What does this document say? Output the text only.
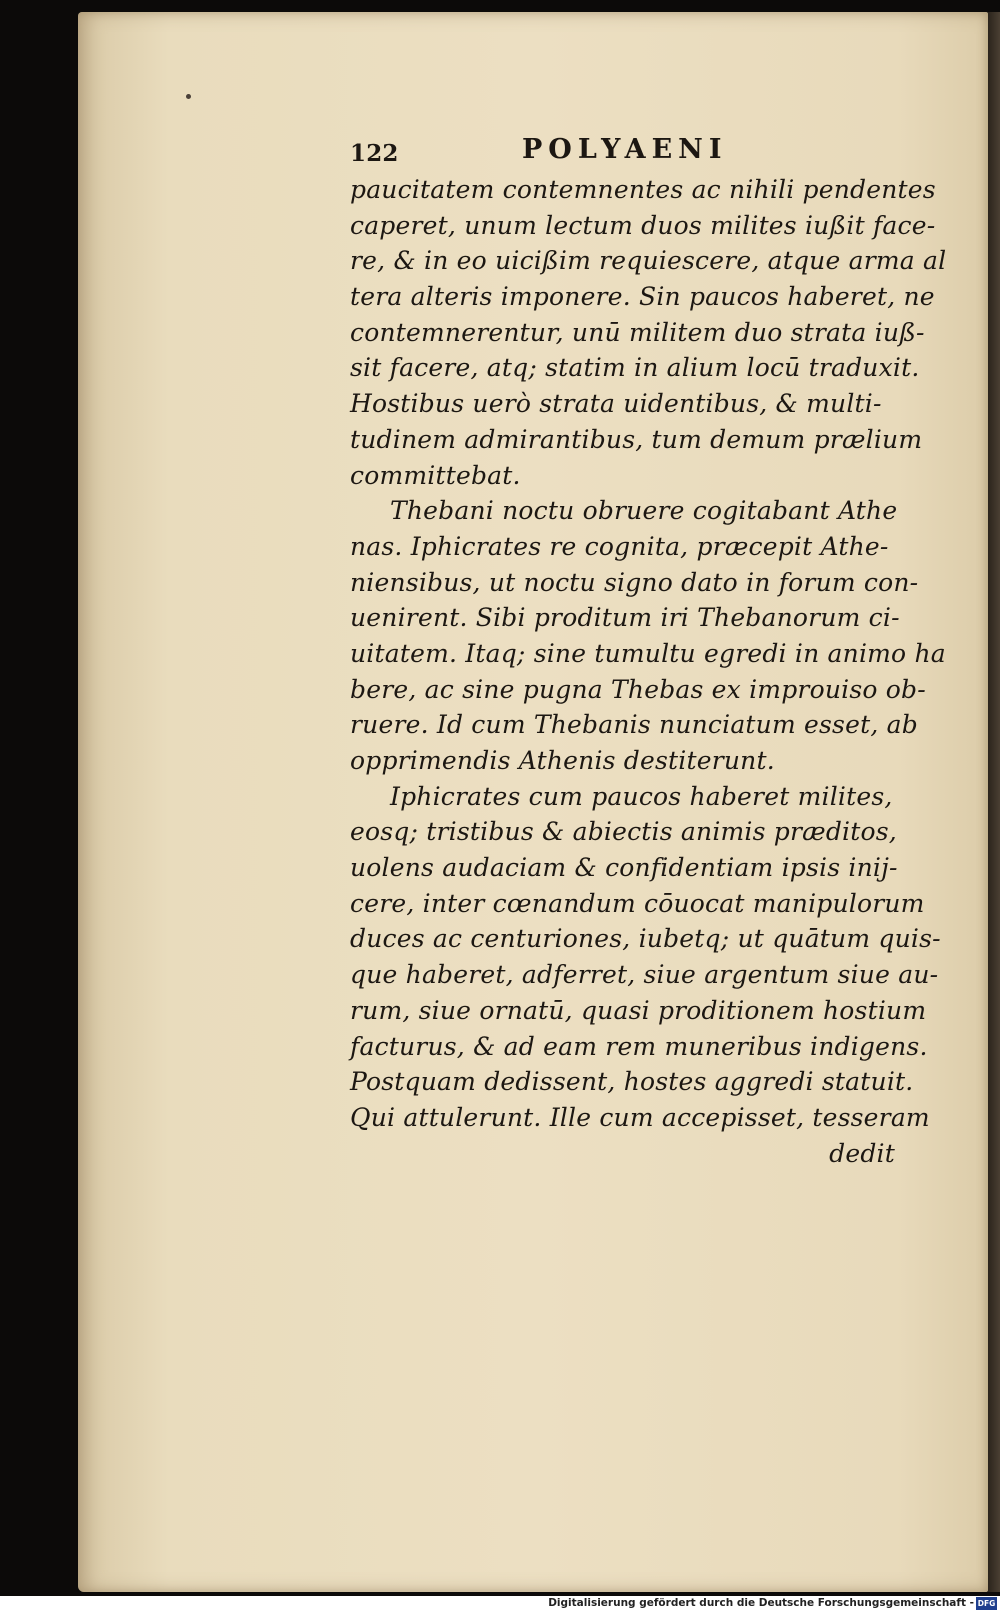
122	POLYAENI
paucitatem contemnentes ac nihili pendentes
caperet, unum lectum duos milites iußit face-
re, & in eo uicißim requiescere, atque arma al
tera alteris imponere. Sin paucos haberet, ne
contemnerentur, unū militem duo strata iuß-
sit facere, atq; statim in alium locū traduxit.
Hostibus uerò strata uidentibus, & multi-
tudinem admirantibus, tum demum prælium
committebat.
Thebani noctu obruere cogitabant Athe
nas. Iphicrates re cognita, præcepit Athe-
niensibus, ut noctu signo dato in forum con-
uenirent. Sibi proditum iri Thebanorum ci-
uitatem. Itaq; sine tumultu egredi in animo ha
bere, ac sine pugna Thebas ex improuiso ob-
ruere. Id cum Thebanis nunciatum esset, ab
opprimendis Athenis destiterunt.
Iphicrates cum paucos haberet milites,
eosq; tristibus & abiectis animis præditos,
uolens audaciam & confidentiam ipsis inij-
cere, inter cœnandum cōuocat manipulorum
duces ac centuriones, iubetq; ut quātum quis-
que haberet, adferret, siue argentum siue au-
rum, siue ornatū, quasi proditionem hostium
facturus, & ad eam rem muneribus indigens.
Postquam dedissent, hostes aggredi statuit.
Qui attulerunt. Ille cum accepisset, tesseram
dedit
Digitalisierung gefördert durch die Deutsche Forschungsgemeinschaft - DFG
